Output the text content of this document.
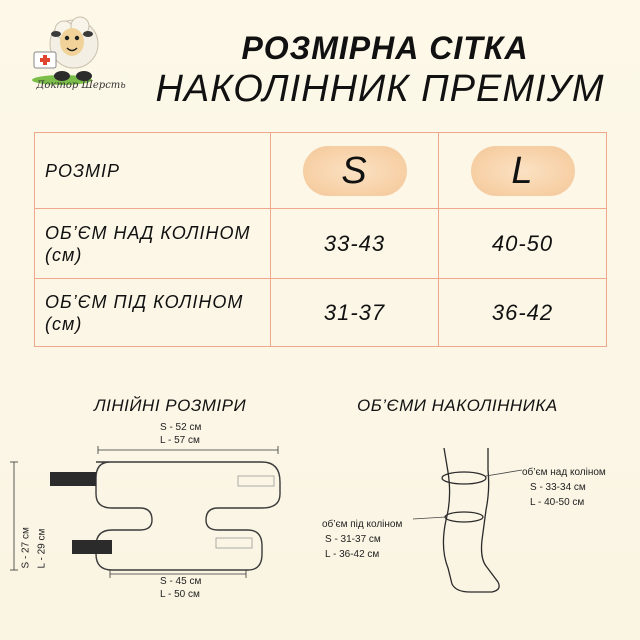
Доктор Шерсть
РОЗМІРНА СІТКА
НАКОЛІННИК ПРЕМІУМ
РОЗМІР	S	L
ОБ’ЄМ НАД КОЛІНОМ (см)	33-43	40-50
ОБ’ЄМ ПІД КОЛІНОМ (см)	31-37	36-42
ЛІНІЙНІ РОЗМІРИ	ОБ’ЄМИ НАКОЛІННИКА
S - 52 см
L - 57 см
S - 45 см
L - 50 см
S - 27 см L - 29 см
об’єм над коліном
S - 33-34 см
L - 40-50 см
об’єм під коліном
S - 31-37 см
L - 36-42 см
